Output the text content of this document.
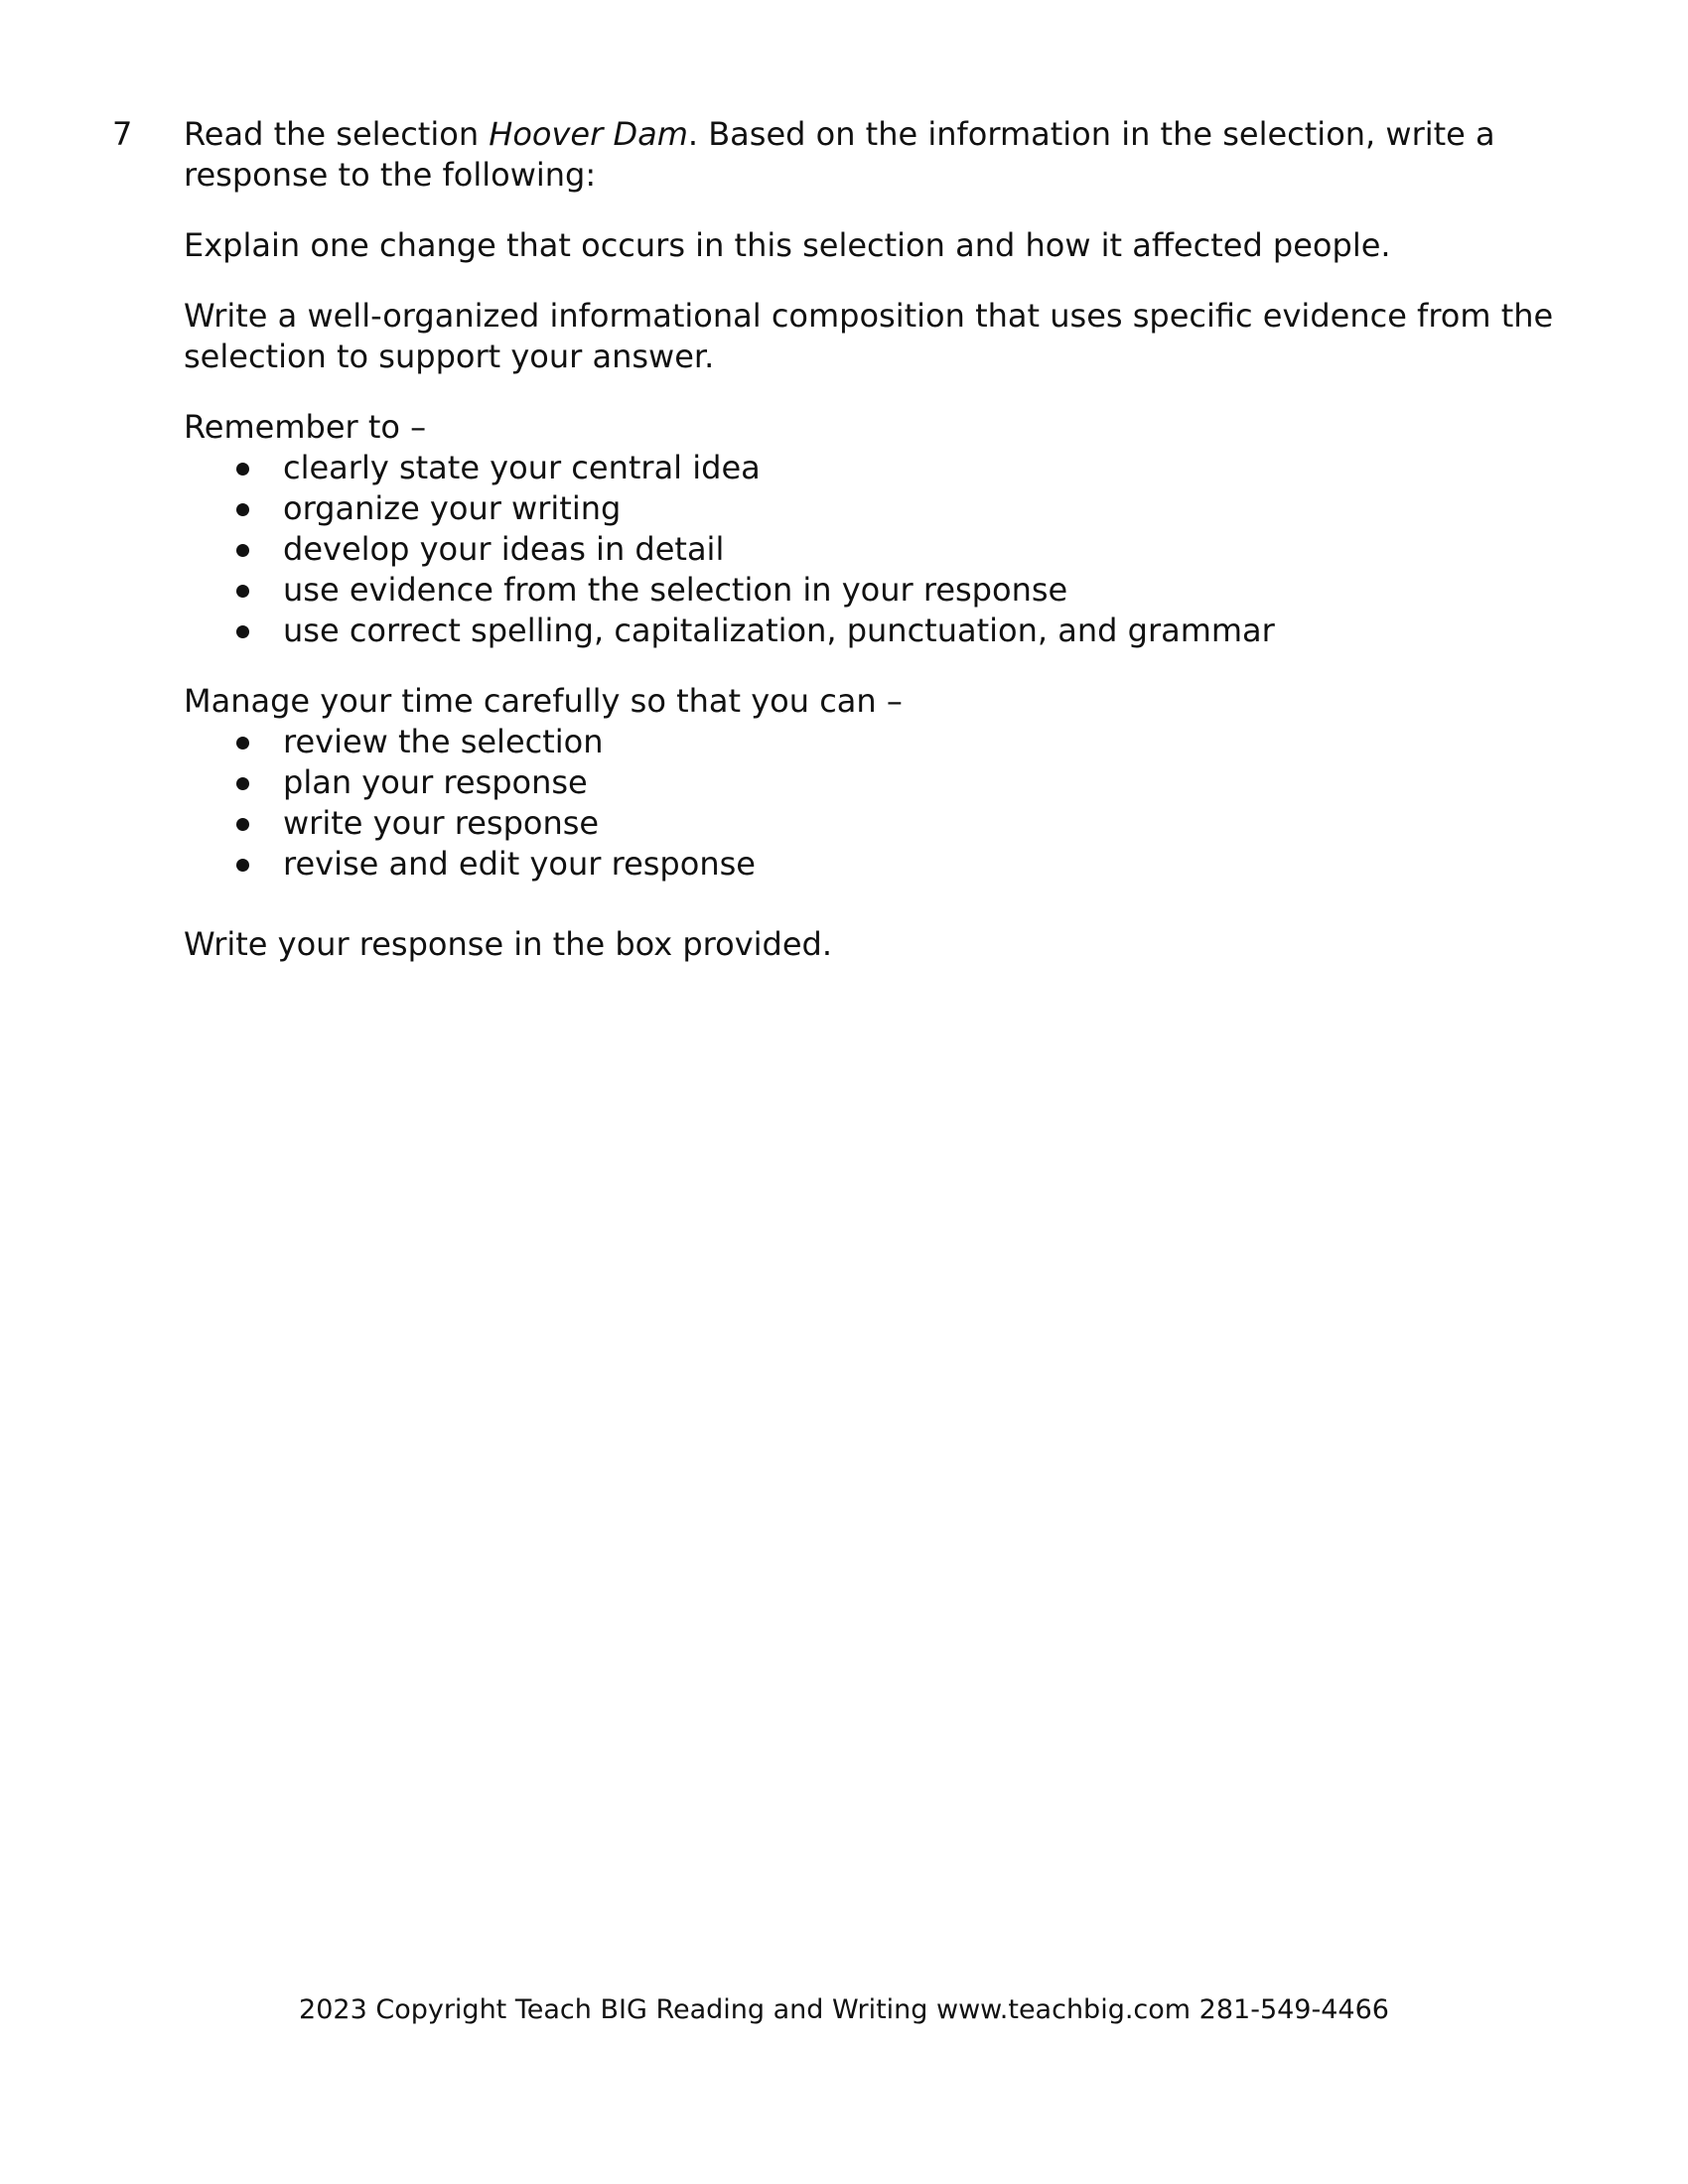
7 Read the selection Hoover Dam. Based on the information in the selection, write a response to the following:

Explain one change that occurs in this selection and how it affected people.

Write a well-organized informational composition that uses specific evidence from the selection to support your answer.

Remember to –

clearly state your central idea
organize your writing
develop your ideas in detail
use evidence from the selection in your response
use correct spelling, capitalization, punctuation, and grammar

Manage your time carefully so that you can –

review the selection
plan your response
write your response
revise and edit your response

Write your response in the box provided.

2023 Copyright Teach BIG Reading and Writing www.teachbig.com 281-549-4466
